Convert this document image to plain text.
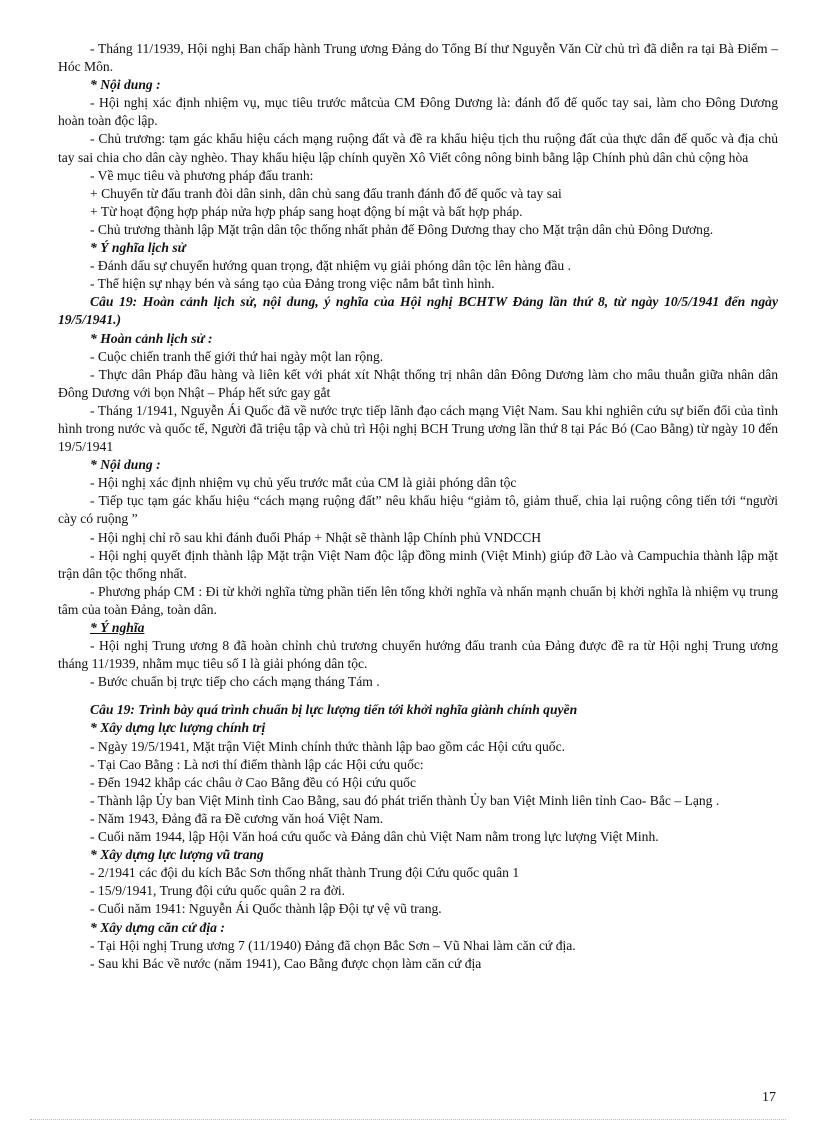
- Tháng 11/1939, Hội nghị Ban chấp hành Trung ương Đảng do Tổng Bí thư Nguyễn Văn Cừ chủ trì đã diễn ra tại Bà Điểm – Hóc Môn.

* Nội dung :

- Hội nghị xác định nhiệm vụ, mục tiêu trước mắtcủa CM Đông Dương là: đánh đổ đế quốc tay sai, làm cho Đông Dương hoàn toàn độc lập.

- Chủ trương: tạm gác khẩu hiệu cách mạng ruộng đất và đề ra khẩu hiệu tịch thu ruộng đất của thực dân đế quốc và địa chủ tay sai chia cho dân cày nghèo. Thay khẩu hiệu lập chính quyền Xô Viết công nông binh bằng lập Chính phủ dân chủ cộng hòa

- Về mục tiêu và phương pháp đấu tranh:

+ Chuyển từ đấu tranh đòi dân sinh, dân chủ sang đấu tranh đánh đổ đế quốc và tay sai

+ Từ hoạt động hợp pháp nửa hợp pháp sang hoạt động bí mật và bất hợp pháp.

- Chủ trương thành lập Mặt trận dân tộc thống nhất phản đế Đông Dương thay cho Mặt trận dân chủ Đông Dương.

* Ý nghĩa lịch sử

- Đánh dấu sự chuyển hướng quan trọng, đặt nhiệm vụ giải phóng dân tộc lên hàng đầu .

- Thể hiện sự nhạy bén và sáng tạo của Đảng trong việc nắm bắt tình hình.

Câu 19: Hoàn cảnh lịch sử, nội dung, ý nghĩa của Hội nghị BCHTW Đảng lần thứ 8, từ ngày 10/5/1941 đến ngày 19/5/1941.)

* Hoàn cảnh lịch sử :

- Cuộc chiến tranh thế giới thứ hai ngày một lan rộng.

- Thực dân Pháp đầu hàng và liên kết với phát xít Nhật thống trị nhân dân Đông Dương làm cho mâu thuẫn giữa nhân dân Đông Dương với bọn Nhật – Pháp hết sức gay gắt

- Tháng 1/1941, Nguyễn Ái Quốc đã về nước trực tiếp lãnh đạo cách mạng Việt Nam. Sau khi nghiên cứu sự biến đổi của tình hình trong nước và quốc tế, Người đã triệu tập và chủ trì Hội nghị BCH Trung ương lần thứ 8 tại Pác Bó (Cao Bằng) từ ngày 10 đến 19/5/1941

* Nội dung :

- Hội nghị xác định nhiệm vụ chủ yếu trước mắt của CM là giải phóng dân tộc

- Tiếp tục tạm gác khẩu hiệu “cách mạng ruộng đất” nêu khẩu hiệu “giảm tô, giảm thuế, chia lại ruộng công tiến tới “người cày có ruộng ”

- Hội nghị chỉ rõ sau khi đánh đuổi Pháp + Nhật sẽ thành lập Chính phủ VNDCCH

- Hội nghị quyết định thành lập Mặt trận Việt Nam độc lập đồng minh (Việt Minh) giúp đỡ Lào và Campuchia thành lập mặt trận dân tộc thống nhất.

- Phương pháp CM : Đi từ khởi nghĩa từng phần tiến lên tổng khởi nghĩa và nhấn mạnh chuẩn bị khởi nghĩa là nhiệm vụ trung tâm của toàn Đảng, toàn dân.

* Ý nghĩa

- Hội nghị Trung ương 8 đã hoàn chỉnh chủ trương chuyển hướng đấu tranh của Đảng được đề ra từ Hội nghị Trung ương tháng 11/1939, nhằm mục tiêu số I là giải phóng dân tộc.

- Bước chuẩn bị trực tiếp cho cách mạng tháng Tám .

Câu 19: Trình bày quá trình chuẩn bị lực lượng tiến tới khởi nghĩa giành chính quyền

* Xây dựng lực lượng chính trị

- Ngày 19/5/1941, Mặt trận Việt Minh chính thức thành lập bao gồm các Hội cứu quốc.

- Tại Cao Bằng : Là nơi thí điểm thành lập các Hội cứu quốc:

- Đến 1942 khắp các châu ở Cao Bằng đều có Hội cứu quốc

- Thành lập Ủy ban Việt Minh tỉnh Cao Bằng, sau đó phát triển thành Ủy ban Việt Minh liên tỉnh Cao- Bắc – Lạng .

- Năm 1943, Đảng đã ra Đề cương văn hoá Việt Nam.

- Cuối năm 1944, lập Hội Văn hoá cứu quốc và Đảng dân chủ Việt Nam nằm trong lực lượng Việt Minh.

* Xây dựng lực lượng vũ trang

- 2/1941 các đội du kích Bắc Sơn thống nhất thành Trung đội Cứu quốc quân 1

- 15/9/1941, Trung đội cứu quốc quân 2 ra đời.

- Cuối năm 1941: Nguyễn Ái Quốc thành lập Đội tự vệ vũ trang.

* Xây dựng căn cứ địa :

- Tại Hội nghị Trung ương 7 (11/1940) Đảng đã chọn Bắc Sơn – Vũ Nhai làm căn cứ địa.

- Sau khi Bác về nước (năm 1941), Cao Bằng được chọn làm căn cứ địa

17
